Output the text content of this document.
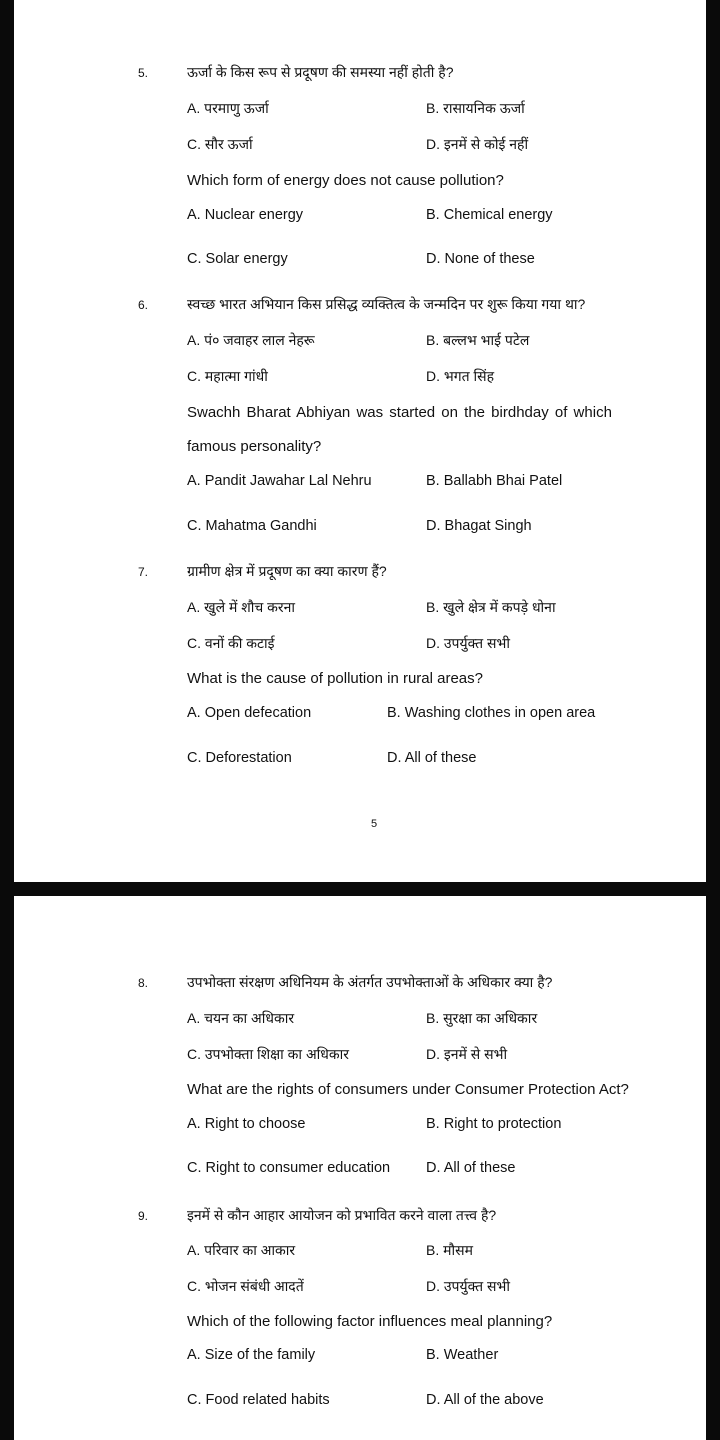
5.	ऊर्जा के किस रूप से प्रदूषण की समस्या नहीं होती है?
A. परमाणु ऊर्जा	B. रासायनिक ऊर्जा
C. सौर ऊर्जा	D. इनमें से कोई नहीं
Which form of energy does not cause pollution?
A. Nuclear energy	B. Chemical energy
C. Solar energy	D. None of these
6.	स्वच्छ भारत अभियान किस प्रसिद्ध व्यक्तित्व के जन्मदिन पर शुरू किया गया था?
A. पं० जवाहर लाल नेहरू	B. बल्लभ भाई पटेल
C. महात्मा गांधी	D. भगत सिंह
Swachh Bharat Abhiyan was started on the birdhday of which
famous personality?
A. Pandit Jawahar Lal Nehru	B. Ballabh Bhai Patel
C. Mahatma Gandhi	D. Bhagat Singh
7.	ग्रामीण क्षेत्र में प्रदूषण का क्या कारण हैं?
A. खुले में शौच करना	B. खुले क्षेत्र में कपड़े धोना
C. वनों की कटाई	D. उपर्युक्त सभी
What is the cause of pollution in rural areas?
A. Open defecation	B. Washing clothes in open area
C. Deforestation	D. All of these
5
8.	उपभोक्ता संरक्षण अधिनियम के अंतर्गत उपभोक्ताओं के अधिकार क्या है?
A. चयन का अधिकार	B. सुरक्षा का अधिकार
C. उपभोक्ता शिक्षा का अधिकार	D. इनमें से सभी
What are the rights of consumers under Consumer Protection Act?
A. Right to choose	B. Right to protection
C. Right to consumer education D. All of these
9.	इनमें से कौन आहार आयोजन को प्रभावित करने वाला तत्त्व है?
A. परिवार का आकार	B. मौसम
C. भोजन संबंधी आदतें	D. उपर्युक्त सभी
Which of the following factor influences meal planning?
A. Size of the family	B. Weather
C. Food related habits	D. All of the above
